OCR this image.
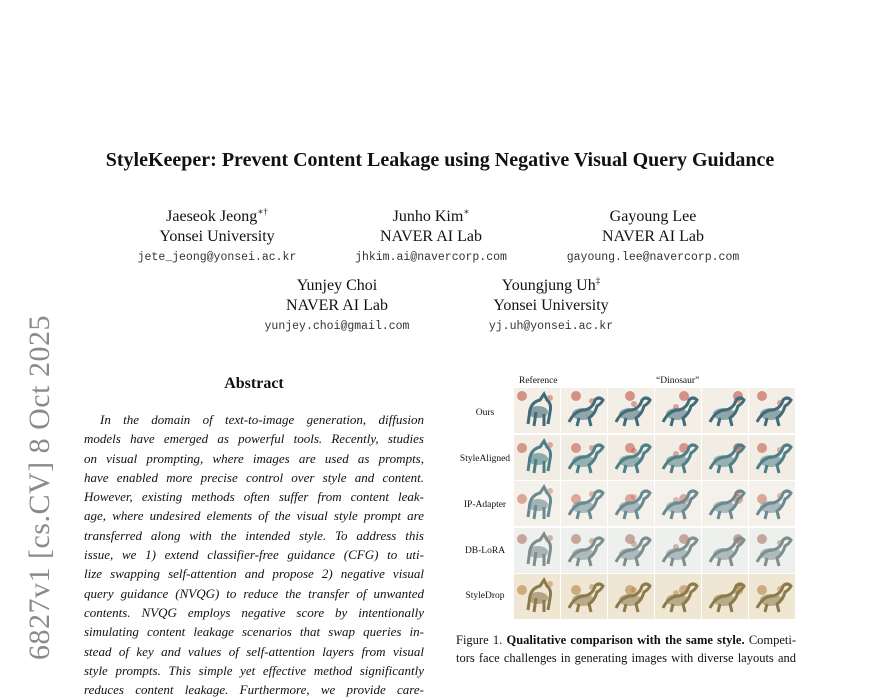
6827v1 [cs.CV] 8 Oct 2025
StyleKeeper: Prevent Content Leakage using Negative Visual Query Guidance
Jaeseok Jeong∗†
Yonsei University
jete_jeong@yonsei.ac.kr
Junho Kim∗
NAVER AI Lab
jhkim.ai@navercorp.com
Gayoung Lee
NAVER AI Lab
gayoung.lee@navercorp.com
Yunjey Choi
NAVER AI Lab
yunjey.choi@gmail.com
Youngjung Uh‡
Yonsei University
yj.uh@yonsei.ac.kr
Abstract
In the domain of text-to-image generation, diffusion
models have emerged as powerful tools. Recently, studies
on visual prompting, where images are used as prompts,
have enabled more precise control over style and content.
However, existing methods often suffer from content leak-
age, where undesired elements of the visual style prompt are
transferred along with the intended style. To address this
issue, we 1) extend classifier-free guidance (CFG) to uti-
lize swapping self-attention and propose 2) negative visual
query guidance (NVQG) to reduce the transfer of unwanted
contents. NVQG employs negative score by intentionally
simulating content leakage scenarios that swap queries in-
stead of key and values of self-attention layers from visual
style prompts. This simple yet effective method significantly
reduces content leakage. Furthermore, we provide care-
Reference	“Dinosaur”
Ours
StyleAligned
IP-Adapter
DB-LoRA
StyleDrop
Figure 1. Qualitative comparison with the same style. Competi-
tors face challenges in generating images with diverse layouts and
